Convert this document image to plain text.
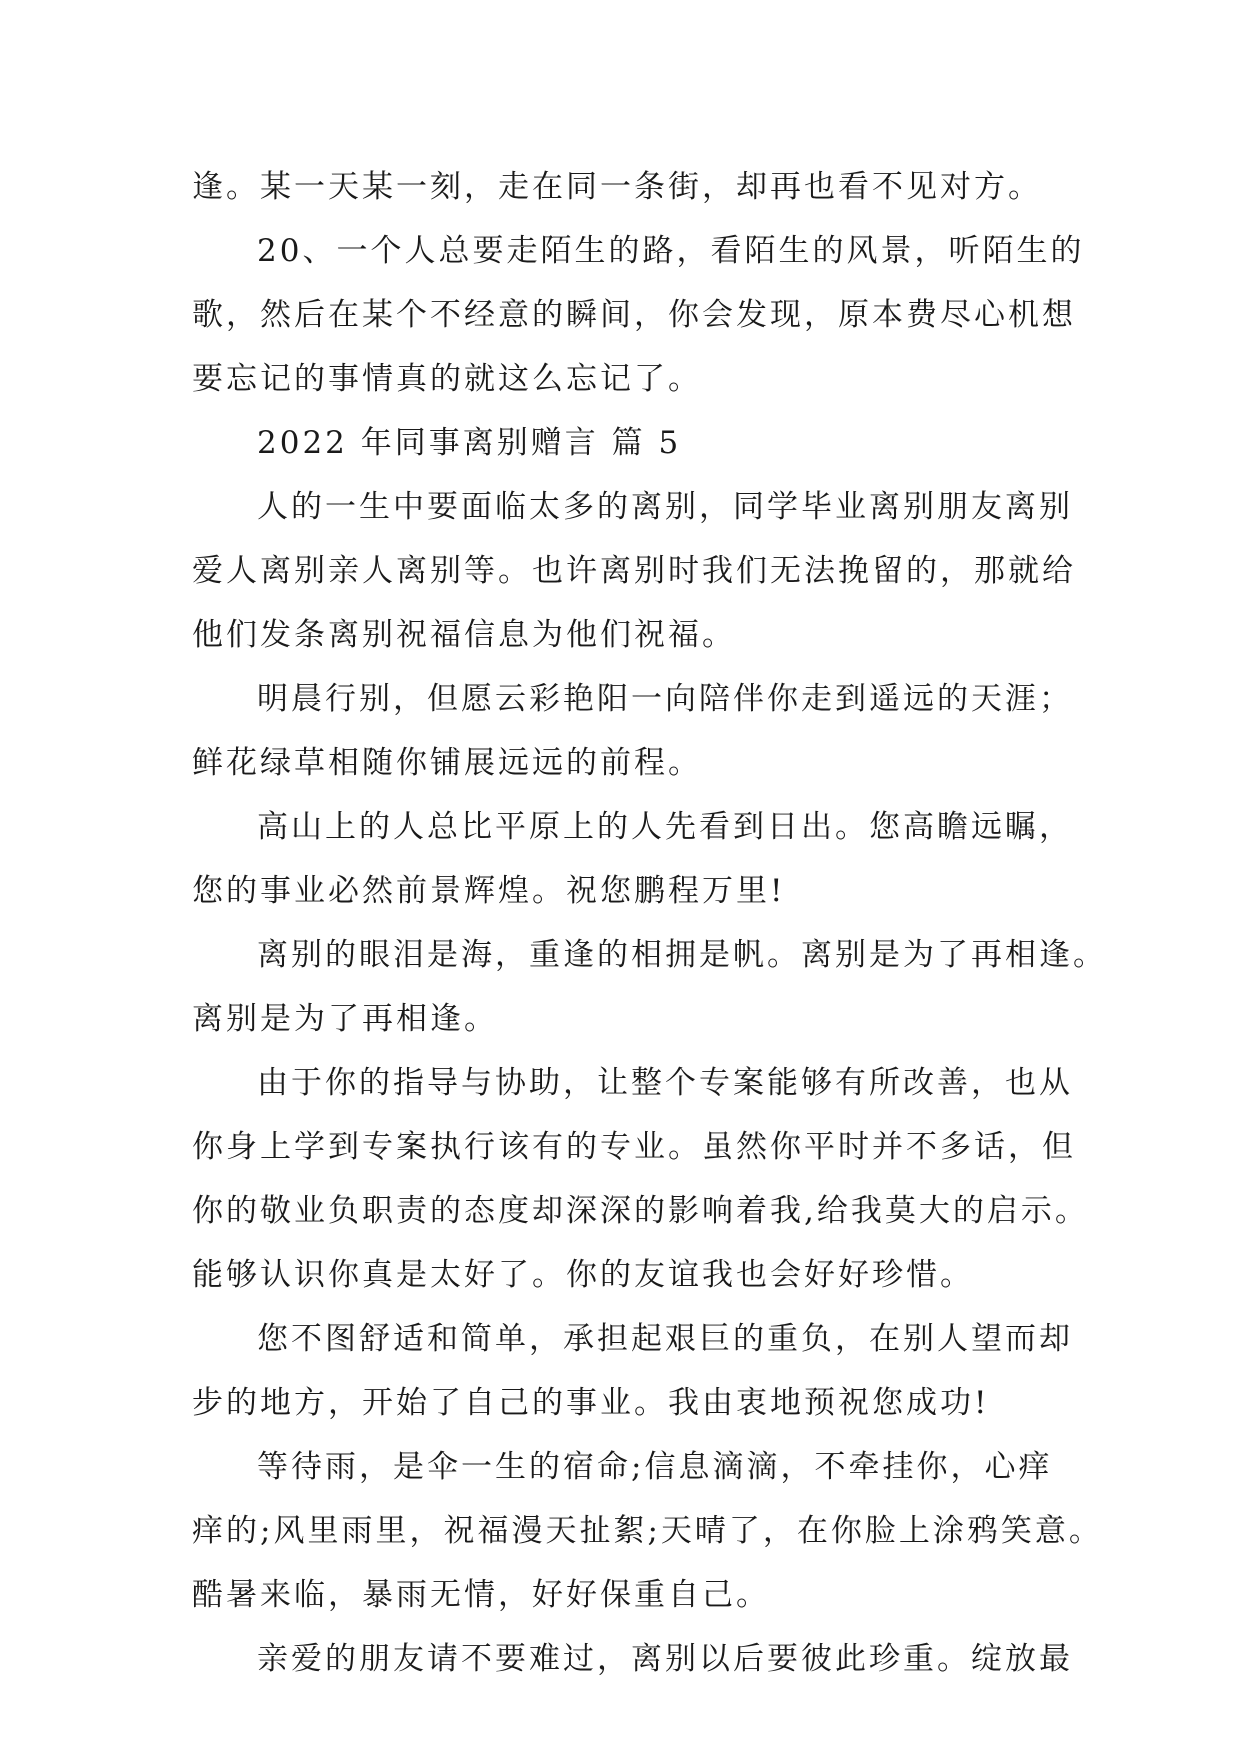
逢。某一天某一刻，走在同一条街，却再也看不见对方。
20、一个人总要走陌生的路，看陌生的风景，听陌生的
歌，然后在某个不经意的瞬间，你会发现，原本费尽心机想
要忘记的事情真的就这么忘记了。
2022 年同事离别赠言 篇 5
人的一生中要面临太多的离别，同学毕业离别朋友离别
爱人离别亲人离别等。也许离别时我们无法挽留的，那就给
他们发条离别祝福信息为他们祝福。
明晨行别，但愿云彩艳阳一向陪伴你走到遥远的天涯；
鲜花绿草相随你铺展远远的前程。
高山上的人总比平原上的人先看到日出。您高瞻远瞩，
您的事业必然前景辉煌。祝您鹏程万里!
离别的眼泪是海，重逢的相拥是帆。离别是为了再相逢。
离别是为了再相逢。
由于你的指导与协助，让整个专案能够有所改善，也从
你身上学到专案执行该有的专业。虽然你平时并不多话，但
你的敬业负职责的态度却深深的影响着我,给我莫大的启示。
能够认识你真是太好了。你的友谊我也会好好珍惜。
您不图舒适和简单，承担起艰巨的重负，在别人望而却
步的地方，开始了自己的事业。我由衷地预祝您成功!
等待雨，是伞一生的宿命;信息滴滴，不牵挂你，心痒
痒的;风里雨里，祝福漫天扯絮;天晴了，在你脸上涂鸦笑意。
酷暑来临，暴雨无情，好好保重自己。
亲爱的朋友请不要难过，离别以后要彼此珍重。绽放最
